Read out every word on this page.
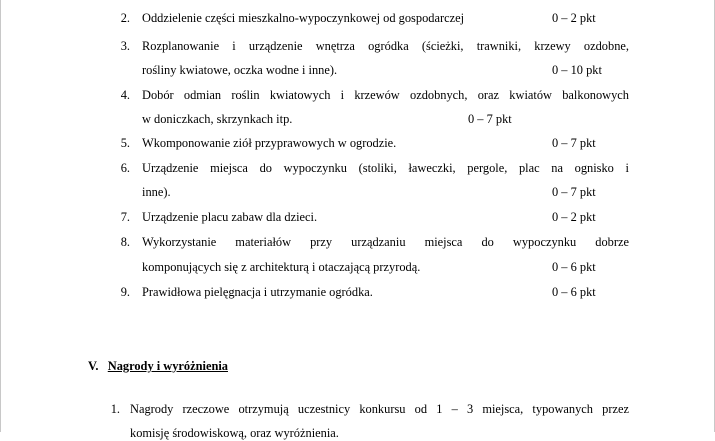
2. Oddzielenie części mieszkalno-wypoczynkowej od gospodarczej	0 – 2 pkt
3. Rozplanowanie i urządzenie wnętrza ogródka (ścieżki, trawniki, krzewy ozdobne,
rośliny kwiatowe, oczka wodne i inne).	0 – 10 pkt
4. Dobór odmian roślin kwiatowych i krzewów ozdobnych, oraz kwiatów balkonowych
w doniczkach, skrzynkach itp.	0 – 7 pkt
5. Wkomponowanie ziół przyprawowych w ogrodzie.	0 – 7 pkt
6. Urządzenie miejsca do wypoczynku (stoliki, ławeczki, pergole, plac na ognisko i
inne).	0 – 7 pkt
7. Urządzenie placu zabaw dla dzieci.	0 – 2 pkt
8. Wykorzystanie materiałów przy urządzaniu miejsca do wypoczynku dobrze
komponujących się z architekturą i otaczającą przyrodą.	0 – 6 pkt
9. Prawidłowa pielęgnacja i utrzymanie ogródka.	0 – 6 pkt
V. Nagrody i wyróżnienia
1. Nagrody rzeczowe otrzymują uczestnicy konkursu od 1 – 3 miejsca, typowanych przez
komisję środowiskową, oraz wyróżnienia.
